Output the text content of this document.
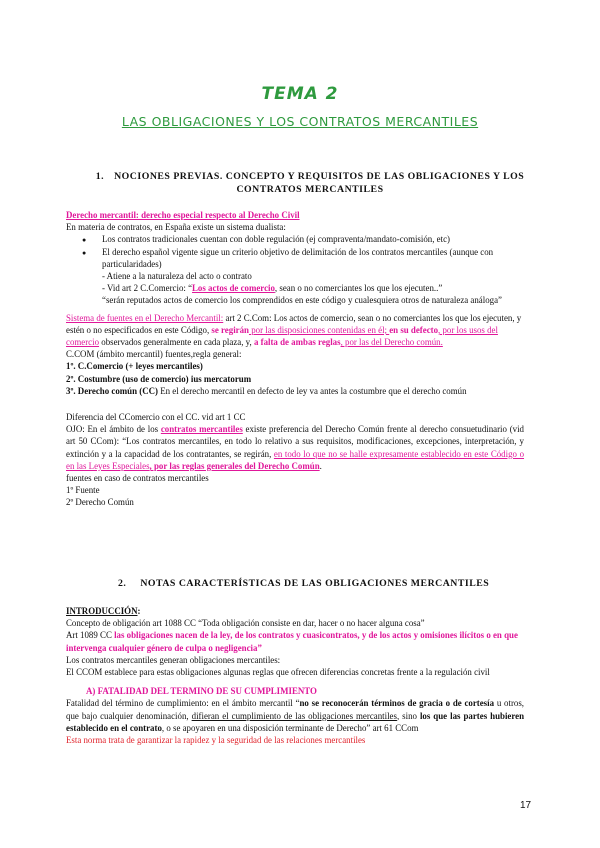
TEMA 2
LAS OBLIGACIONES Y LOS CONTRATOS MERCANTILES
1. NOCIONES PREVIAS. CONCEPTO Y REQUISITOS DE LAS OBLIGACIONES Y LOS
CONTRATOS MERCANTILES
Derecho mercantil: derecho especial respecto al Derecho Civil
En materia de contratos, en España existe un sistema dualista:
● Los contratos tradicionales cuentan con doble regulación (ej compraventa/mandato-comisión, etc)
● El derecho español vigente sigue un criterio objetivo de delimitación de los contratos mercantiles (aunque con particularidades)
- Atiene a la naturaleza del acto o contrato
- Vid art 2 C.Comercio: “Los actos de comercio, sean o no comerciantes los que los ejecuten..”
“serán reputados actos de comercio los comprendidos en este código y cualesquiera otros de naturaleza análoga”
Sistema de fuentes en el Derecho Mercantil: art 2 C.Com: Los actos de comercio, sean o no comerciantes los que los ejecuten, y estén o no especificados en este Código, se regirán por las disposiciones contenidas en él; en su defecto, por los usos del comercio observados generalmente en cada plaza, y, a falta de ambas reglas, por las del Derecho común.
C.COM (ámbito mercantil) fuentes,regla general:
1º. C.Comercio (+ leyes mercantiles)
2º. Costumbre (uso de comercio) ius mercatorum
3º. Derecho común (CC) En el derecho mercantil en defecto de ley va antes la costumbre que el derecho común
Diferencia del CComercio con el CC. vid art 1 CC
OJO: En el ámbito de los contratos mercantiles existe preferencia del Derecho Común frente al derecho consuetudinario (vid art 50 CCom): “Los contratos mercantiles, en todo lo relativo a sus requisitos, modificaciones, excepciones, interpretación, y extinción y a la capacidad de los contratantes, se regirán, en todo lo que no se halle expresamente establecido en este Código o en las Leyes Especiales, por las reglas generales del Derecho Común.
fuentes en caso de contratos mercantiles
1º Fuente
2º Derecho Común
2. NOTAS CARACTERÍSTICAS DE LAS OBLIGACIONES MERCANTILES
INTRODUCCIÓN:
Concepto de obligación art 1088 CC “Toda obligación consiste en dar, hacer o no hacer alguna cosa”
Art 1089 CC las obligaciones nacen de la ley, de los contratos y cuasicontratos, y de los actos y omisiones ilícitos o en que intervenga cualquier género de culpa o negligencia”
Los contratos mercantiles generan obligaciones mercantiles:
El CCOM establece para estas obligaciones algunas reglas que ofrecen diferencias concretas frente a la regulación civil
A) FATALIDAD DEL TERMINO DE SU CUMPLIMIENTO
Fatalidad del término de cumplimiento: en el ámbito mercantil “no se reconocerán términos de gracia o de cortesía u otros, que bajo cualquier denominación, difieran el cumplimiento de las obligaciones mercantiles, sino los que las partes hubieren establecido en el contrato, o se apoyaren en una disposición terminante de Derecho” art 61 CCom
Esta norma trata de garantizar la rapidez y la seguridad de las relaciones mercantiles
17
